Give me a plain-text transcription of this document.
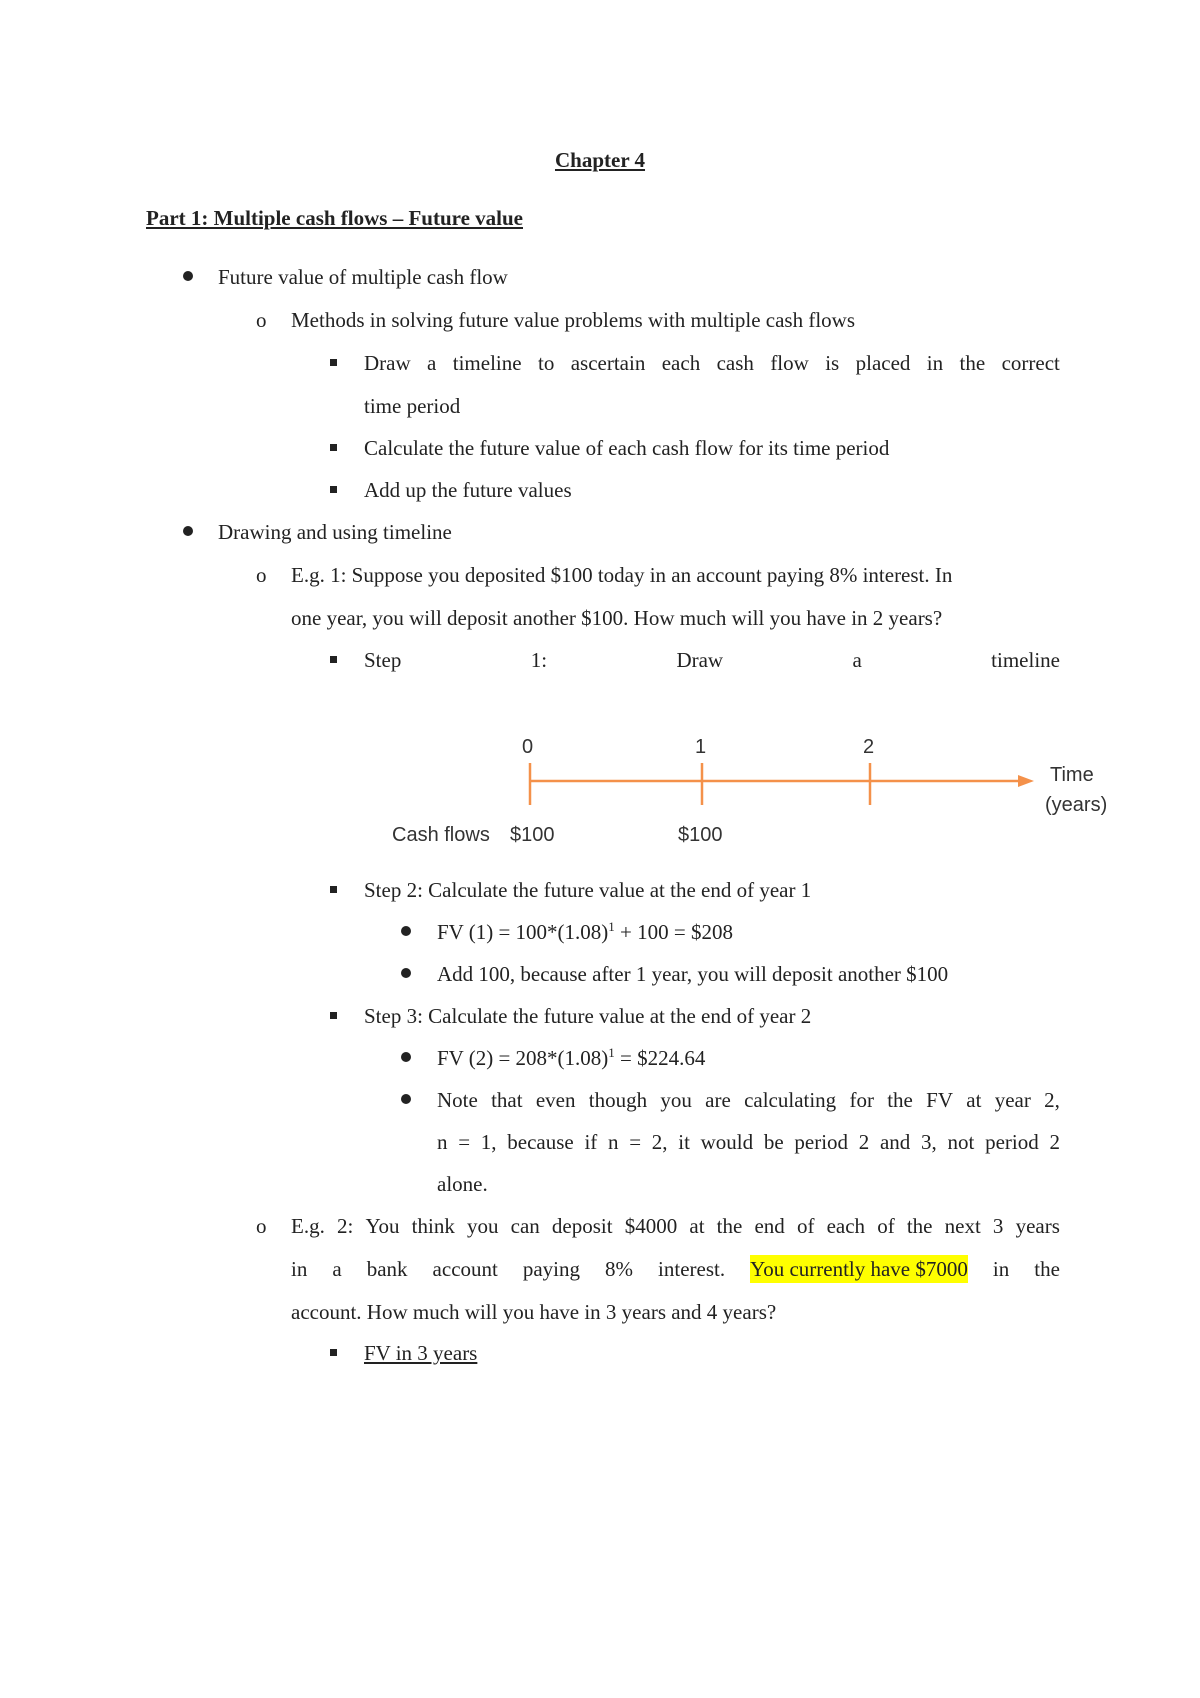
Chapter 4
Part 1: Multiple cash flows – Future value
Future value of multiple cash flow
o Methods in solving future value problems with multiple cash flows
Draw a timeline to ascertain each cash flow is placed in the correct
time period
Calculate the future value of each cash flow for its time period
Add up the future values
Drawing and using timeline
o E.g. 1: Suppose you deposited $100 today in an account paying 8% interest. In
one year, you will deposit another $100. How much will you have in 2 years?
Step	1:	Draw	a	timeline
0	1	2
Time
(years)
Cash flows $100	$100
Step 2: Calculate the future value at the end of year 1
FV $(1) = 100*(1.08)^1 + 100$ = $208
Add 100, because after 1 year, you will deposit another $100
Step 3: Calculate the future value at the end of year 2
FV $(2) = 208*(1.08)^1$ = $224.64
Note that even though you are calculating for the FV at year 2,
n = 1, because if n = 2, it would be period 2 and 3, not period 2
alone.
o E.g. 2: You think you can deposit $4000 at the end of each of the next 3 years
in a bank account paying 8% interest. You currently have $7000 in the
account. How much will you have in 3 years and 4 years?
FV in 3 years
